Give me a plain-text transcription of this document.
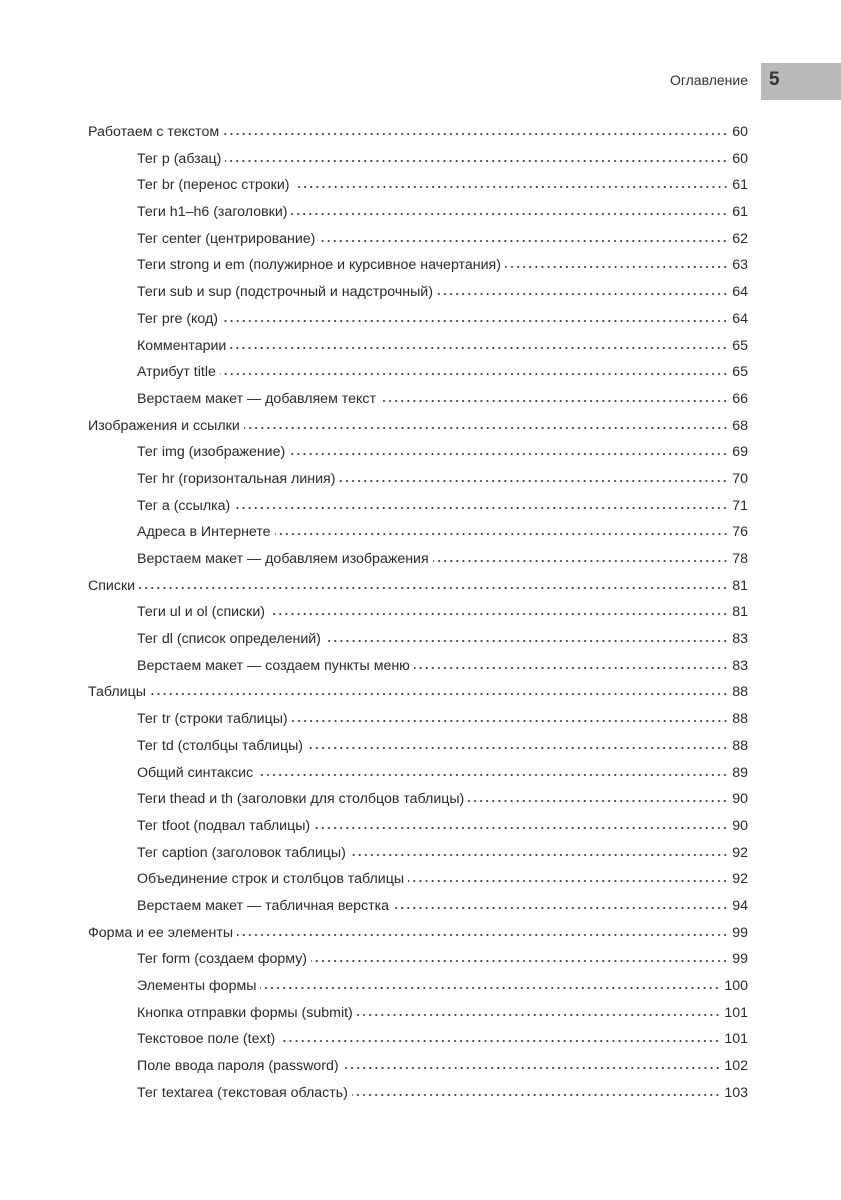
Оглавление 5
Работаем с текстом	60
Тег p (абзац)	60
Тег br (перенос строки)	61
Теги h1–h6 (заголовки)	61
Тег center (центрирование)	62
Теги strong и em (полужирное и курсивное начертания)	63
Теги sub и sup (подстрочный и надстрочный)	64
Тег pre (код)	64
Комментарии	65
Атрибут title	65
Верстаем макет — добавляем текст	66
Изображения и ссылки	68
Тег img (изображение)	69
Тег hr (горизонтальная линия)	70
Тег a (ссылка)	71
Адреса в Интернете	76
Верстаем макет — добавляем изображения	78
Списки	81
Теги ul и ol (списки)	81
Тег dl (список определений)	83
Верстаем макет — создаем пункты меню	83
Таблицы	88
Тег tr (строки таблицы)	88
Тег td (столбцы таблицы)	88
Общий синтаксис	89
Теги thead и th (заголовки для столбцов таблицы)	90
Тег tfoot (подвал таблицы)	90
Тег caption (заголовок таблицы)	92
Объединение строк и столбцов таблицы	92
Верстаем макет — табличная верстка	94
Форма и ее элементы	99
Тег form (создаем форму)	99
Элементы формы	100
Кнопка отправки формы (submit)	101
Текстовое поле (text)	101
Поле ввода пароля (password)	102
Тег textarea (текстовая область)	103
